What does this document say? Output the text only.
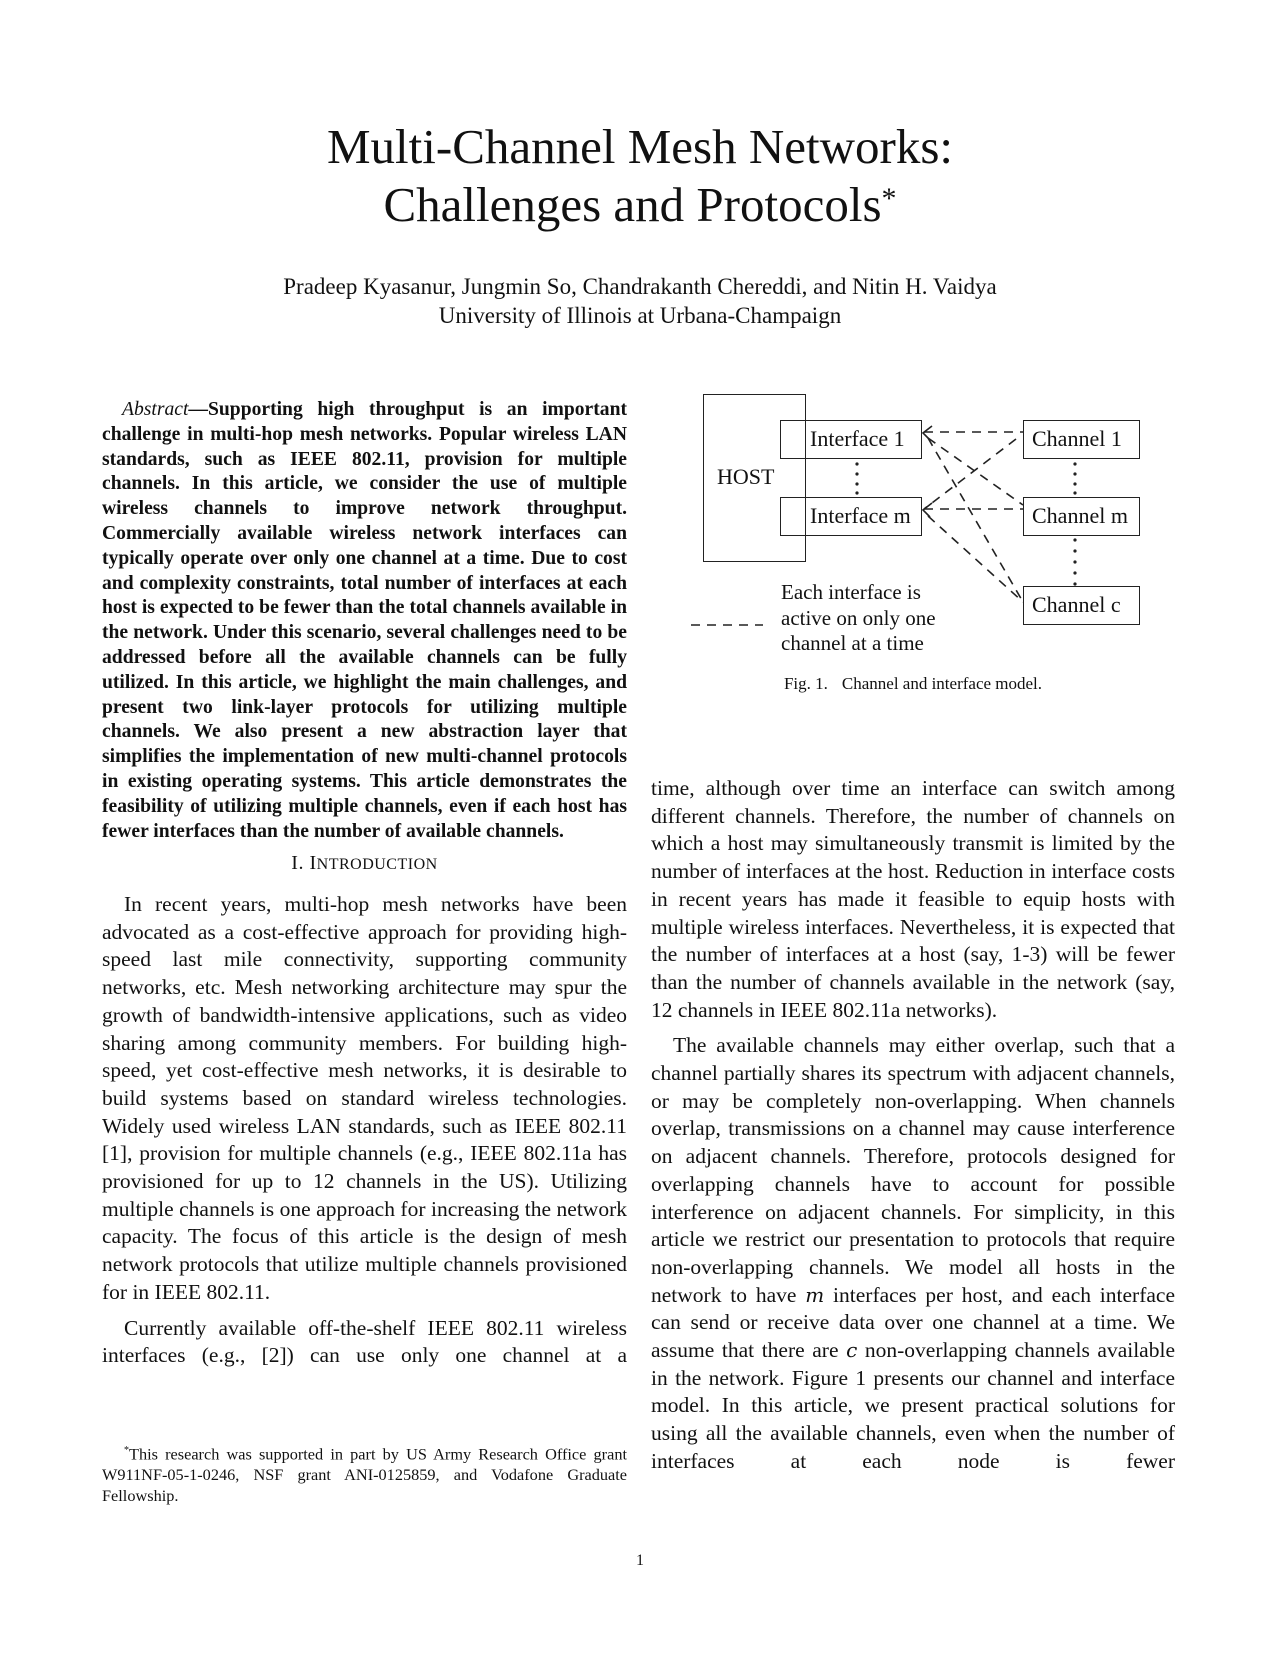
Multi-Channel Mesh Networks:
Challenges and Protocols*
Pradeep Kyasanur, Jungmin So, Chandrakanth Chereddi, and Nitin H. Vaidya
University of Illinois at Urbana-Champaign

Abstract—Supporting high throughput is an important challenge in multi-hop mesh networks. Popular wireless LAN standards, such as IEEE 802.11, provision for multiple channels. In this article, we consider the use of multiple wireless channels to improve network throughput. Commercially available wireless network interfaces can typically operate over only one channel at a time. Due to cost and complexity constraints, total number of interfaces at each host is expected to be fewer than the total channels available in the network. Under this scenario, several challenges need to be addressed before all the available channels can be fully utilized. In this article, we highlight the main challenges, and present two link-layer protocols for utilizing multiple channels. We also present a new abstraction layer that simplifies the implementation of new multi-channel protocols in existing operating systems. This article demonstrates the feasibility of utilizing multiple channels, even if each host has fewer interfaces than the number of available channels.

I. INTRODUCTION

In recent years, multi-hop mesh networks have been advocated as a cost-effective approach for providing high-speed last mile connectivity, supporting community networks, etc. Mesh networking architecture may spur the growth of bandwidth-intensive applications, such as video sharing among community members. For building high-speed, yet cost-effective mesh networks, it is desirable to build systems based on standard wireless technologies. Widely used wireless LAN standards, such as IEEE 802.11 [1], provision for multiple channels (e.g., IEEE 802.11a has provisioned for up to 12 channels in the US). Utilizing multiple channels is one approach for increasing the network capacity. The focus of this article is the design of mesh network protocols that utilize multiple channels provisioned for in IEEE 802.11.

Currently available off-the-shelf IEEE 802.11 wireless interfaces (e.g., [2]) can use only one channel at a

*This research was supported in part by US Army Research Office grant W911NF-05-1-0246, NSF grant ANI-0125859, and Vodafone Graduate Fellowship.

HOST
Interface 1
Interface m
Channel 1
Channel m
Channel c
Each interface is
active on only one
channel at a time
Fig. 1. Channel and interface model.

time, although over time an interface can switch among different channels. Therefore, the number of channels on which a host may simultaneously transmit is limited by the number of interfaces at the host. Reduction in interface costs in recent years has made it feasible to equip hosts with multiple wireless interfaces. Nevertheless, it is expected that the number of interfaces at a host (say, 1-3) will be fewer than the number of channels available in the network (say, 12 channels in IEEE 802.11a networks).

The available channels may either overlap, such that a channel partially shares its spectrum with adjacent channels, or may be completely non-overlapping. When channels overlap, transmissions on a channel may cause interference on adjacent channels. Therefore, protocols designed for overlapping channels have to account for possible interference on adjacent channels. For simplicity, in this article we restrict our presentation to protocols that require non-overlapping channels. We model all hosts in the network to have m interfaces per host, and each interface can send or receive data over one channel at a time. We assume that there are c non-overlapping channels available in the network. Figure 1 presents our channel and interface model. In this article, we present practical solutions for using all the available channels, even when the number of interfaces at each node is fewer

1
